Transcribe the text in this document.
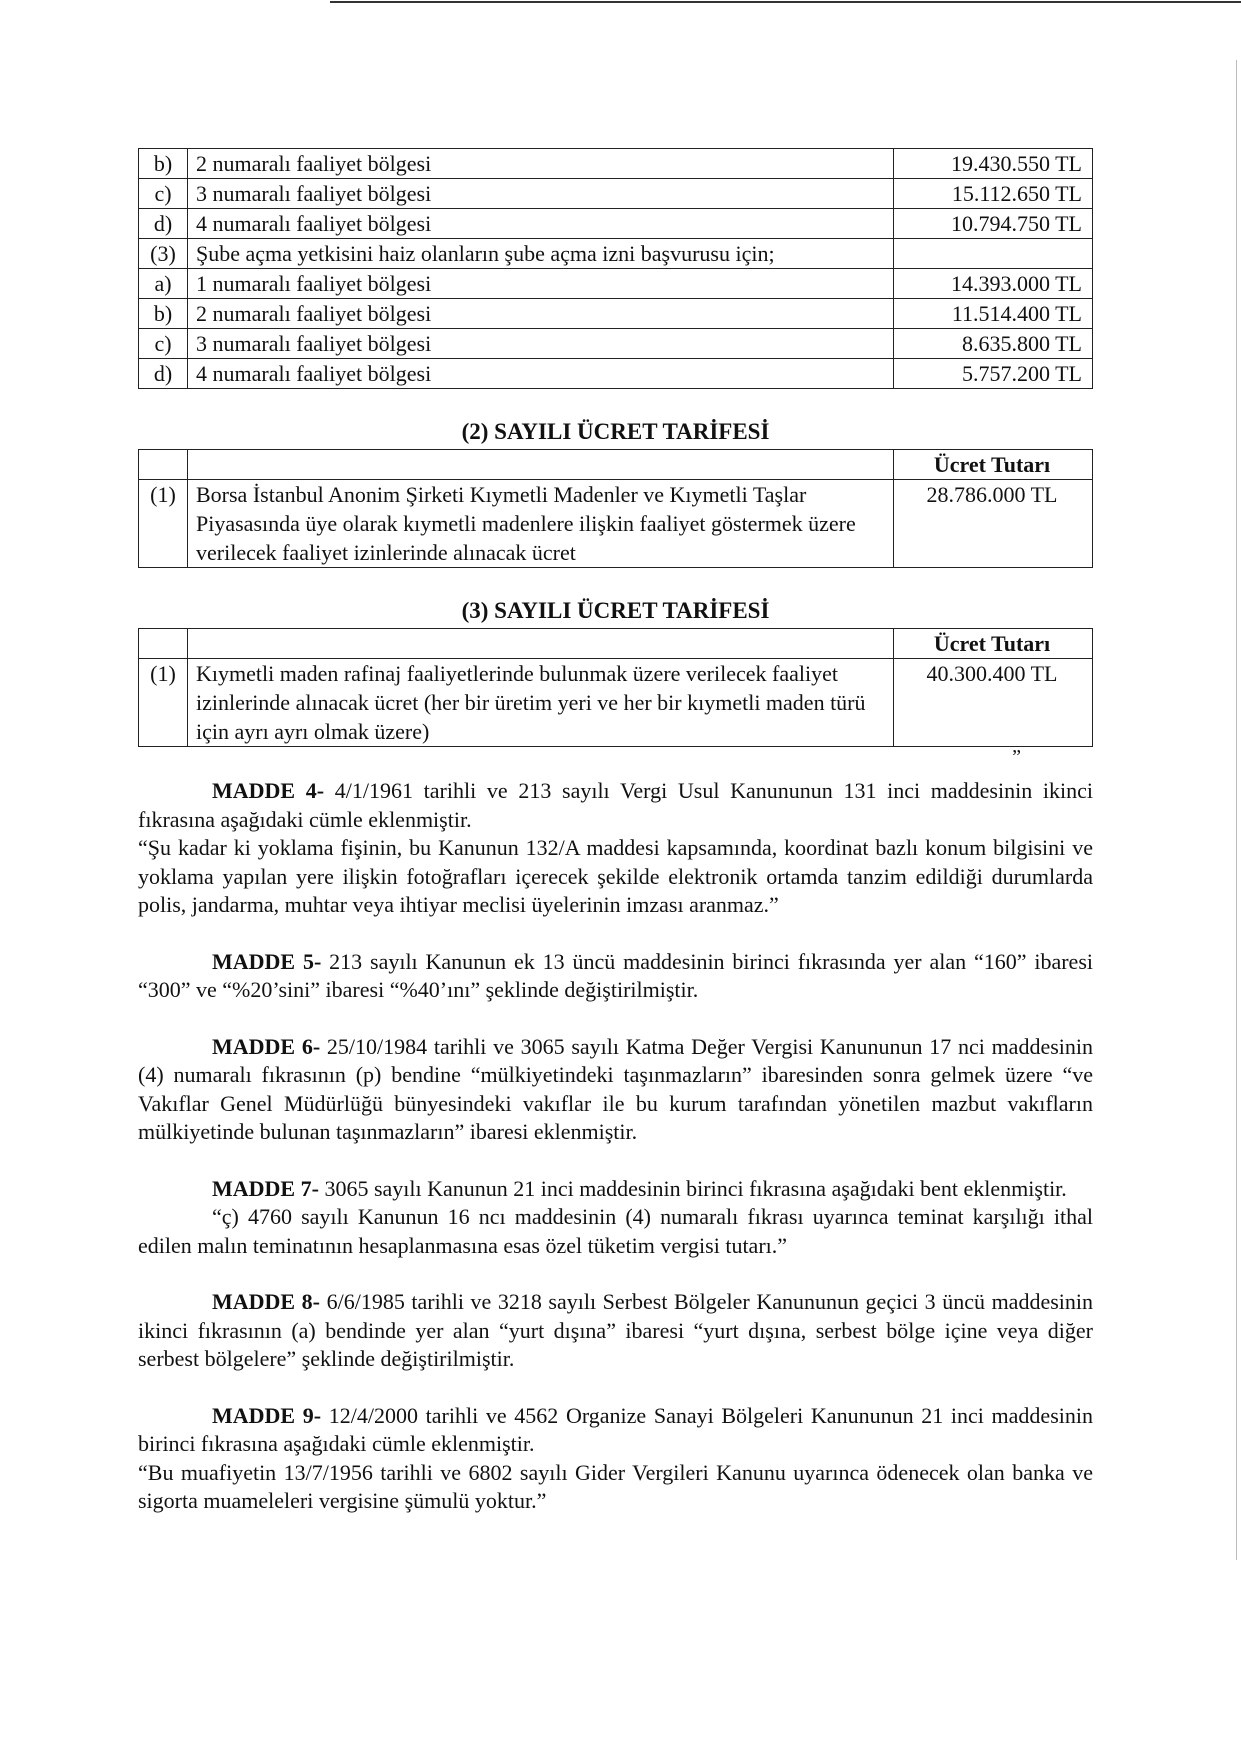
b)	2 numaralı faaliyet bölgesi	19.430.550 TL
c)	3 numaralı faaliyet bölgesi	15.112.650 TL
d)	4 numaralı faaliyet bölgesi	10.794.750 TL
(3)	Şube açma yetkisini haiz olanların şube açma izni başvurusu için;	
a)	1 numaralı faaliyet bölgesi	14.393.000 TL
b)	2 numaralı faaliyet bölgesi	11.514.400 TL
c)	3 numaralı faaliyet bölgesi	8.635.800 TL
d)	4 numaralı faaliyet bölgesi	5.757.200 TL
(2) SAYILI ÜCRET TARİFESİ
		Ücret Tutarı
(1)	Borsa İstanbul Anonim Şirketi Kıymetli Madenler ve Kıymetli Taşlar Piyasasında üye olarak kıymetli madenlere ilişkin faaliyet göstermek üzere verilecek faaliyet izinlerinde alınacak ücret	28.786.000 TL
(3) SAYILI ÜCRET TARİFESİ
		Ücret Tutarı
(1)	Kıymetli maden rafinaj faaliyetlerinde bulunmak üzere verilecek faaliyet izinlerinde alınacak ücret (her bir üretim yeri ve her bir kıymetli maden türü için ayrı ayrı olmak üzere)	40.300.400 TL
”

MADDE 4- 4/1/1961 tarihli ve 213 sayılı Vergi Usul Kanununun 131 inci maddesinin ikinci fıkrasına aşağıdaki cümle eklenmiştir.

“Şu kadar ki yoklama fişinin, bu Kanunun 132/A maddesi kapsamında, koordinat bazlı konum bilgisini ve yoklama yapılan yere ilişkin fotoğrafları içerecek şekilde elektronik ortamda tanzim edildiği durumlarda polis, jandarma, muhtar veya ihtiyar meclisi üyelerinin imzası aranmaz.”

MADDE 5- 213 sayılı Kanunun ek 13 üncü maddesinin birinci fıkrasında yer alan “160” ibaresi “300” ve “%20’sini” ibaresi “%40’ını” şeklinde değiştirilmiştir.

MADDE 6- 25/10/1984 tarihli ve 3065 sayılı Katma Değer Vergisi Kanununun 17 nci maddesinin (4) numaralı fıkrasının (p) bendine “mülkiyetindeki taşınmazların” ibaresinden sonra gelmek üzere “ve Vakıflar Genel Müdürlüğü bünyesindeki vakıflar ile bu kurum tarafından yönetilen mazbut vakıfların mülkiyetinde bulunan taşınmazların” ibaresi eklenmiştir.

MADDE 7- 3065 sayılı Kanunun 21 inci maddesinin birinci fıkrasına aşağıdaki bent eklenmiştir.

“ç) 4760 sayılı Kanunun 16 ncı maddesinin (4) numaralı fıkrası uyarınca teminat karşılığı ithal edilen malın teminatının hesaplanmasına esas özel tüketim vergisi tutarı.”

MADDE 8- 6/6/1985 tarihli ve 3218 sayılı Serbest Bölgeler Kanununun geçici 3 üncü maddesinin ikinci fıkrasının (a) bendinde yer alan “yurt dışına” ibaresi “yurt dışına, serbest bölge içine veya diğer serbest bölgelere” şeklinde değiştirilmiştir.

MADDE 9- 12/4/2000 tarihli ve 4562 Organize Sanayi Bölgeleri Kanununun 21 inci maddesinin birinci fıkrasına aşağıdaki cümle eklenmiştir.

“Bu muafiyetin 13/7/1956 tarihli ve 6802 sayılı Gider Vergileri Kanunu uyarınca ödenecek olan banka ve sigorta muameleleri vergisine şümulü yoktur.”
